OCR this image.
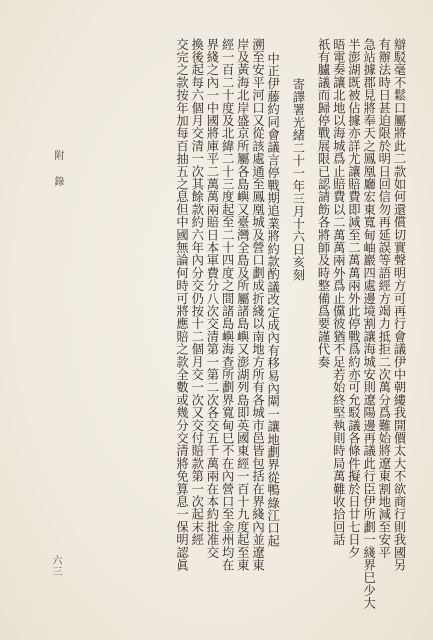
辯駁毫不鬆口屬將此二款如何還償切實聲明方可再行會議伊中朝縷我開價太大不欲商行則我國另
有辦法時日甚迫限於明日回信勿再延誤等語經方竭力抵拒二次萬分爲難始將遼東割地減至安平
急站據郡見將奉天之鳳凰廳宏東寬甸岫巖四處邊境割讓海城安則遼陽邊再議此行臣伊所劃一綫界巳少大
半澎湖既被佔據亦詳尤讓賠費即減至二萬萬兩外此停戰爲約亦可允駁議各條件擬於日廿七日夕
晤電奏讓北地以海城爲止賠費以二萬萬兩外爲止儻彼猶不足若始終堅執則時局萬難收拾回話
祇有臚議而歸停戰展限已認請飭各將師及時整備爲要謹代奏
寄譯署光緒二十一年三月十六日亥刻
中正伊藤約同會議言停戰期追業將約款酌議改定成內有移易內閘一讓地劃界從鴨綠江口起
溯至安平河口又從該處通至鳳凰城及營口劃成折綫以南地方所有各城市邑皆包括在界綫內並遼東
岸及黃海北岸盛京所屬各島嶼又臺灣全島及所屬諸島嶼又澎湖列島即英國東經一百十九度起至東
經一百二十度及北緯二十三度起至二十四度之間諸島嶼海查所劃界寬甸巳不在內營口至金州均在
界綫之內一中國將庫平二萬萬兩賠日本軍費分八次交清第一第二次各交五千萬兩在本約批准交
換後起每六個月交清一次其餘款約六年內分交仍按十二個月交一次又交付賠款第一次起末經
交完之款按年加每百抽五之息但中國無論何時可將應賠之款全數或幾分交清將免算息一保明認眞
附　錄
六三
